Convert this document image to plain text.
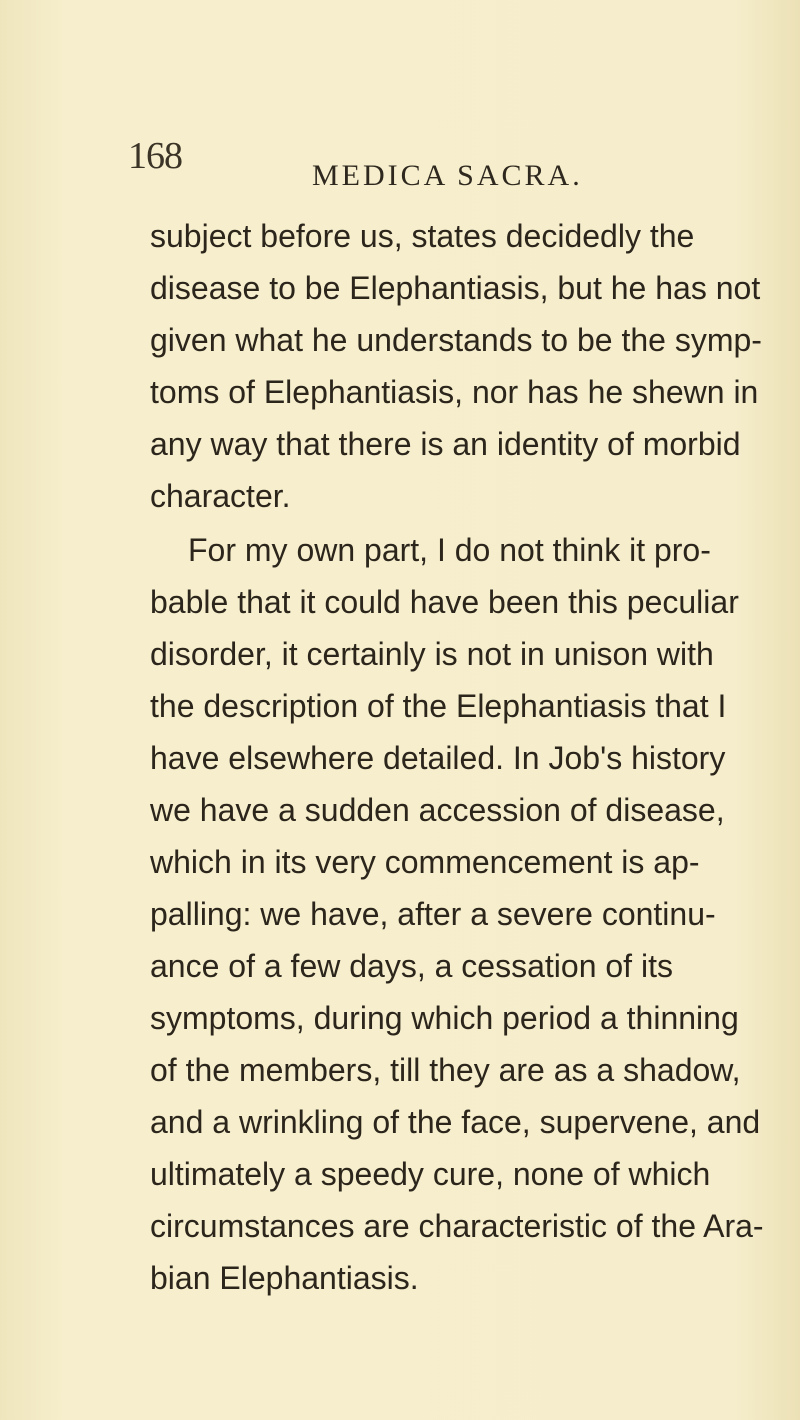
168	MEDICA SACRA.
subject before us, states decidedly the
disease to be Elephantiasis, but he has not
given what he understands to be the symp-
toms of Elephantiasis, nor has he shewn in
any way that there is an identity of morbid
character.
For my own part, I do not think it pro-
bable that it could have been this peculiar
disorder, it certainly is not in unison with
the description of the Elephantiasis that I
have elsewhere detailed. In Job's history
we have a sudden accession of disease,
which in its very commencement is ap-
palling: we have, after a severe continu-
ance of a few days, a cessation of its
symptoms, during which period a thinning
of the members, till they are as a shadow,
and a wrinkling of the face, supervene, and
ultimately a speedy cure, none of which
circumstances are characteristic of the Ara-
bian Elephantiasis.
